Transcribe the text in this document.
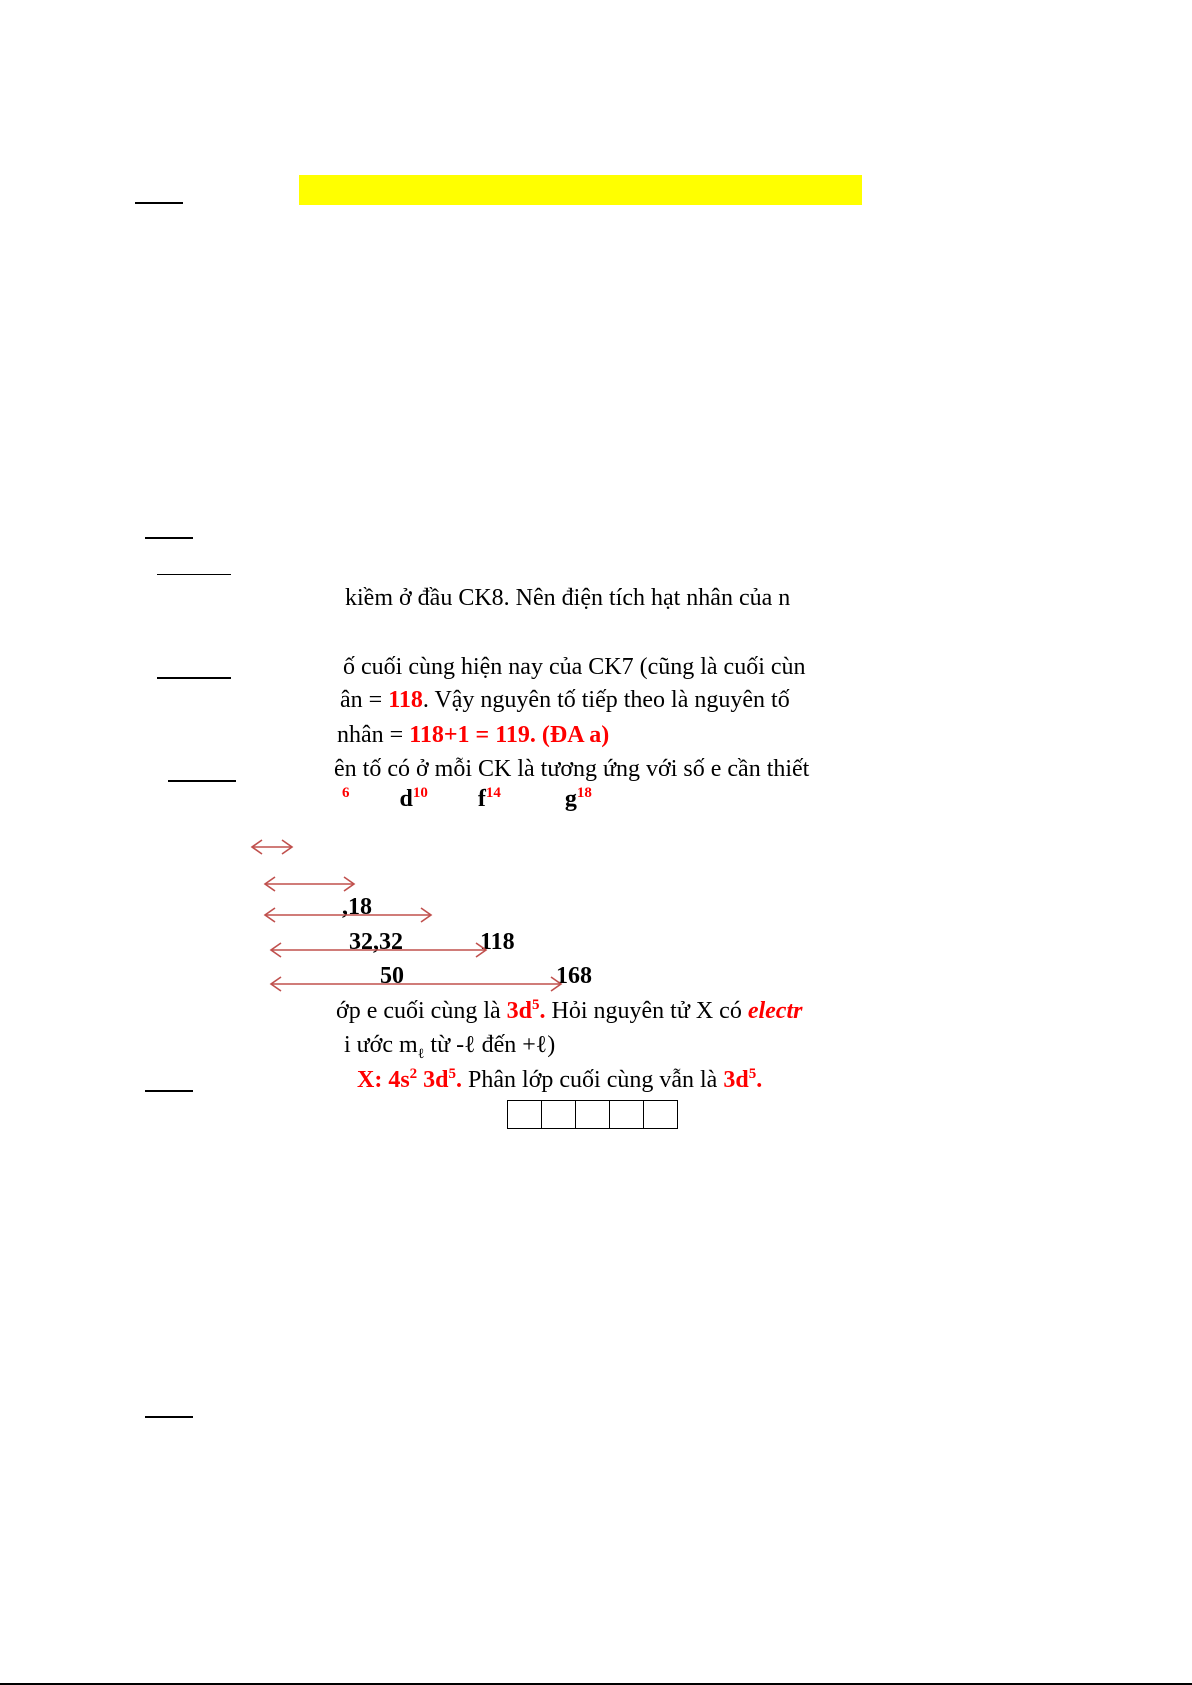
kiềm ở đầu CK8. Nên điện tích hạt nhân của n
ố cuối cùng hiện nay của CK7 (cũng là cuối cùn
ân = 118. Vậy nguyên tố tiếp theo là nguyên tố
nhân = 118+1 = 119. (ĐA a)
ên tố có ở mỗi CK là tương ứng với số e cần thiết
$^6$ $d^{10}$ $f^{14}$	$g^{18}$
,18
32,32	118
50	168
ớp e cuối cùng là $3d^5$. Hỏi nguyên tử X có electr
i ước $m_\ell$ từ -ℓ đến +ℓ)
X: $4s^2$ $3d^5$. Phân lớp cuối cùng vẫn là $3d^5$.
